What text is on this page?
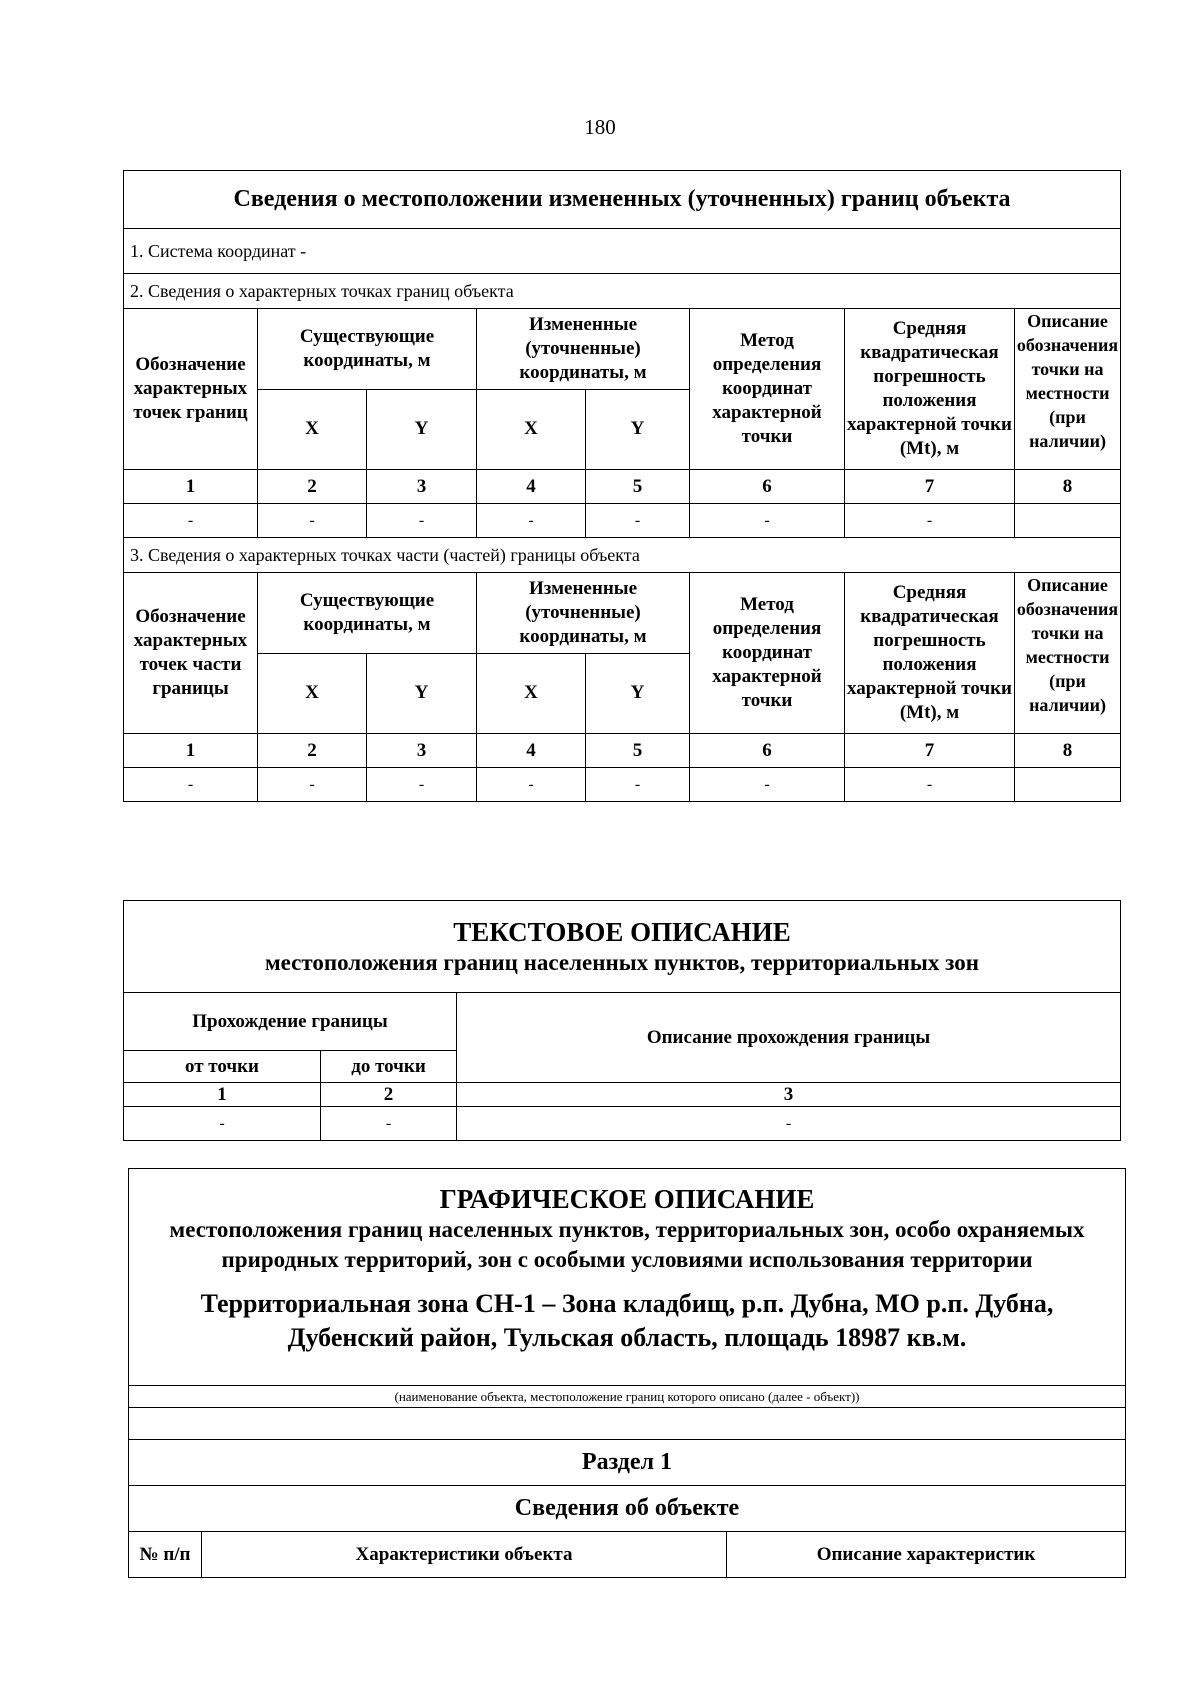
180
Сведения о местоположении измененных (уточненных) границ объекта							
1. Система координат -							
2. Сведения о характерных точках границ объекта							
Обозначение характерных точек границ	Существующие координаты, м		Измененные (уточненные) координаты, м		Метод определения координат характерной точки	Средняя квадратическая погрешность положения характерной точки (Mt), м	Описание обозначения точки на местности (при наличии)

	X	Y	X	Y			
1	2	3	4	5	6	7	8
-	-	-	-	-	-	-	
3. Сведения о характерных точках части (частей) границы объекта							
Обозначение характерных точек части границы	Существующие координаты, м		Измененные (уточненные) координаты, м		Метод определения координат характерной точки	Средняя квадратическая погрешность положения характерной точки (Mt), м	Описание обозначения точки на местности (при наличии)

	X	Y	X	Y			
1	2	3	4	5	6	7	8
-	-	-	-	-	-	-	
ТЕКСТОВОЕ ОПИСАНИЕ
местоположения границ населенных пунктов, территориальных зон		

Прохождение границы		Описание прохождения границы
от точки	до точки	
1	2	3
-	-	-
ГРАФИЧЕСКОЕ ОПИСАНИЕ
местоположения границ населенных пунктов, территориальных зон, особо охраняемых природных территорий, зон с особыми условиями использования территории
Территориальная зона СН-1 – Зона кладбищ, р.п. Дубна, МО р.п. Дубна, Дубенский район, Тульская область, площадь 18987 кв.м.

(наименование объекта, местоположение границ которого описано (далее - объект))

Раздел 1
Сведения об объекте
№ п/п	Характеристики объекта	Описание характеристик
